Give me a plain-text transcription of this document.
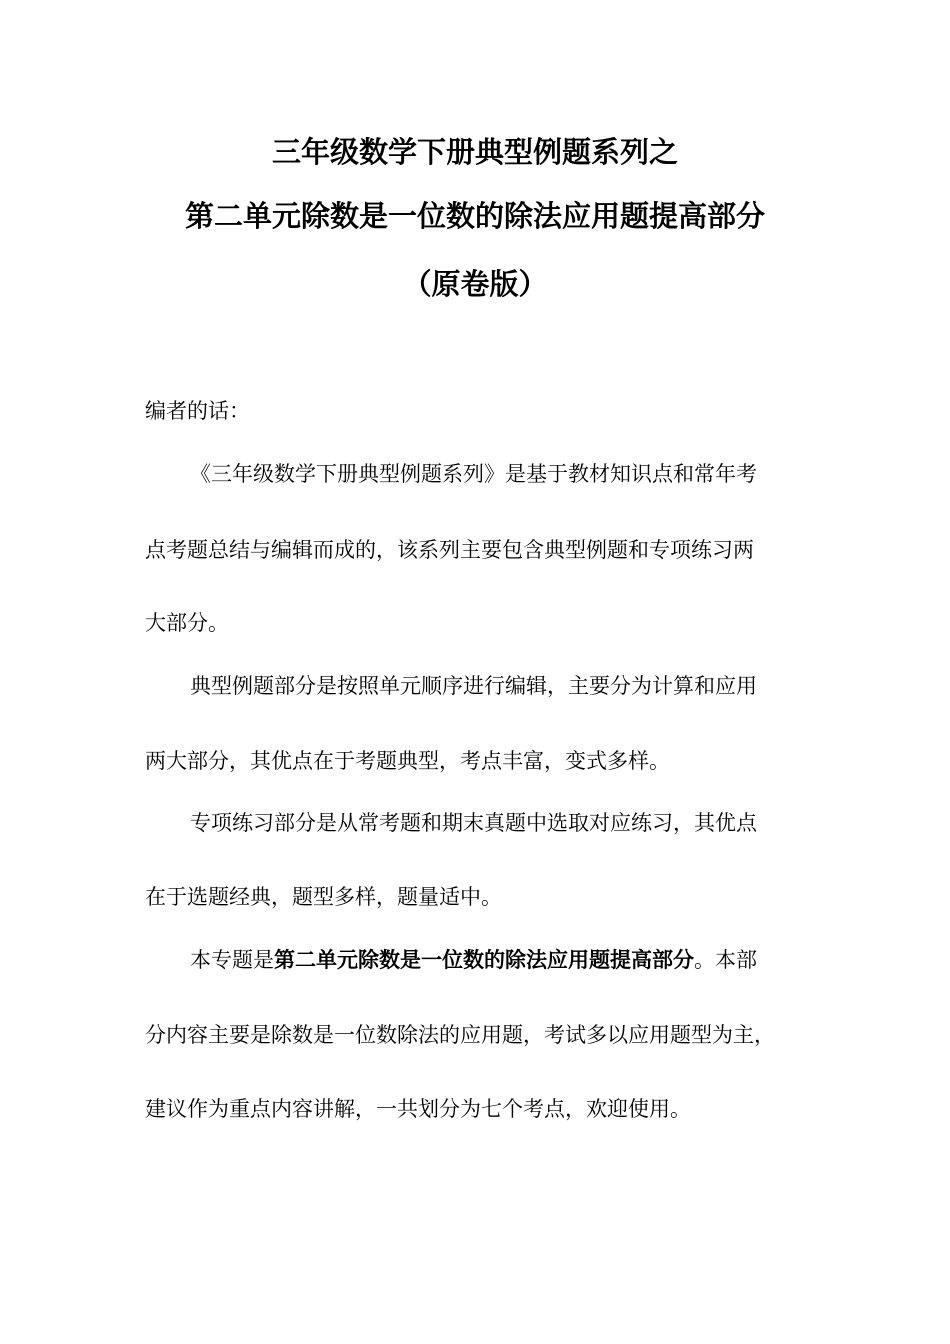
三年级数学下册典型例题系列之
第二单元除数是一位数的除法应用题提高部分
（原卷版）
编者的话：
《三年级数学下册典型例题系列》是基于教材知识点和常年考
点考题总结与编辑而成的，该系列主要包含典型例题和专项练习两
大部分。
典型例题部分是按照单元顺序进行编辑，主要分为计算和应用
两大部分，其优点在于考题典型，考点丰富，变式多样。
专项练习部分是从常考题和期末真题中选取对应练习，其优点
在于选题经典，题型多样，题量适中。
本专题是第二单元除数是一位数的除法应用题提高部分。本部
分内容主要是除数是一位数除法的应用题，考试多以应用题型为主，
建议作为重点内容讲解，一共划分为七个考点，欢迎使用。
